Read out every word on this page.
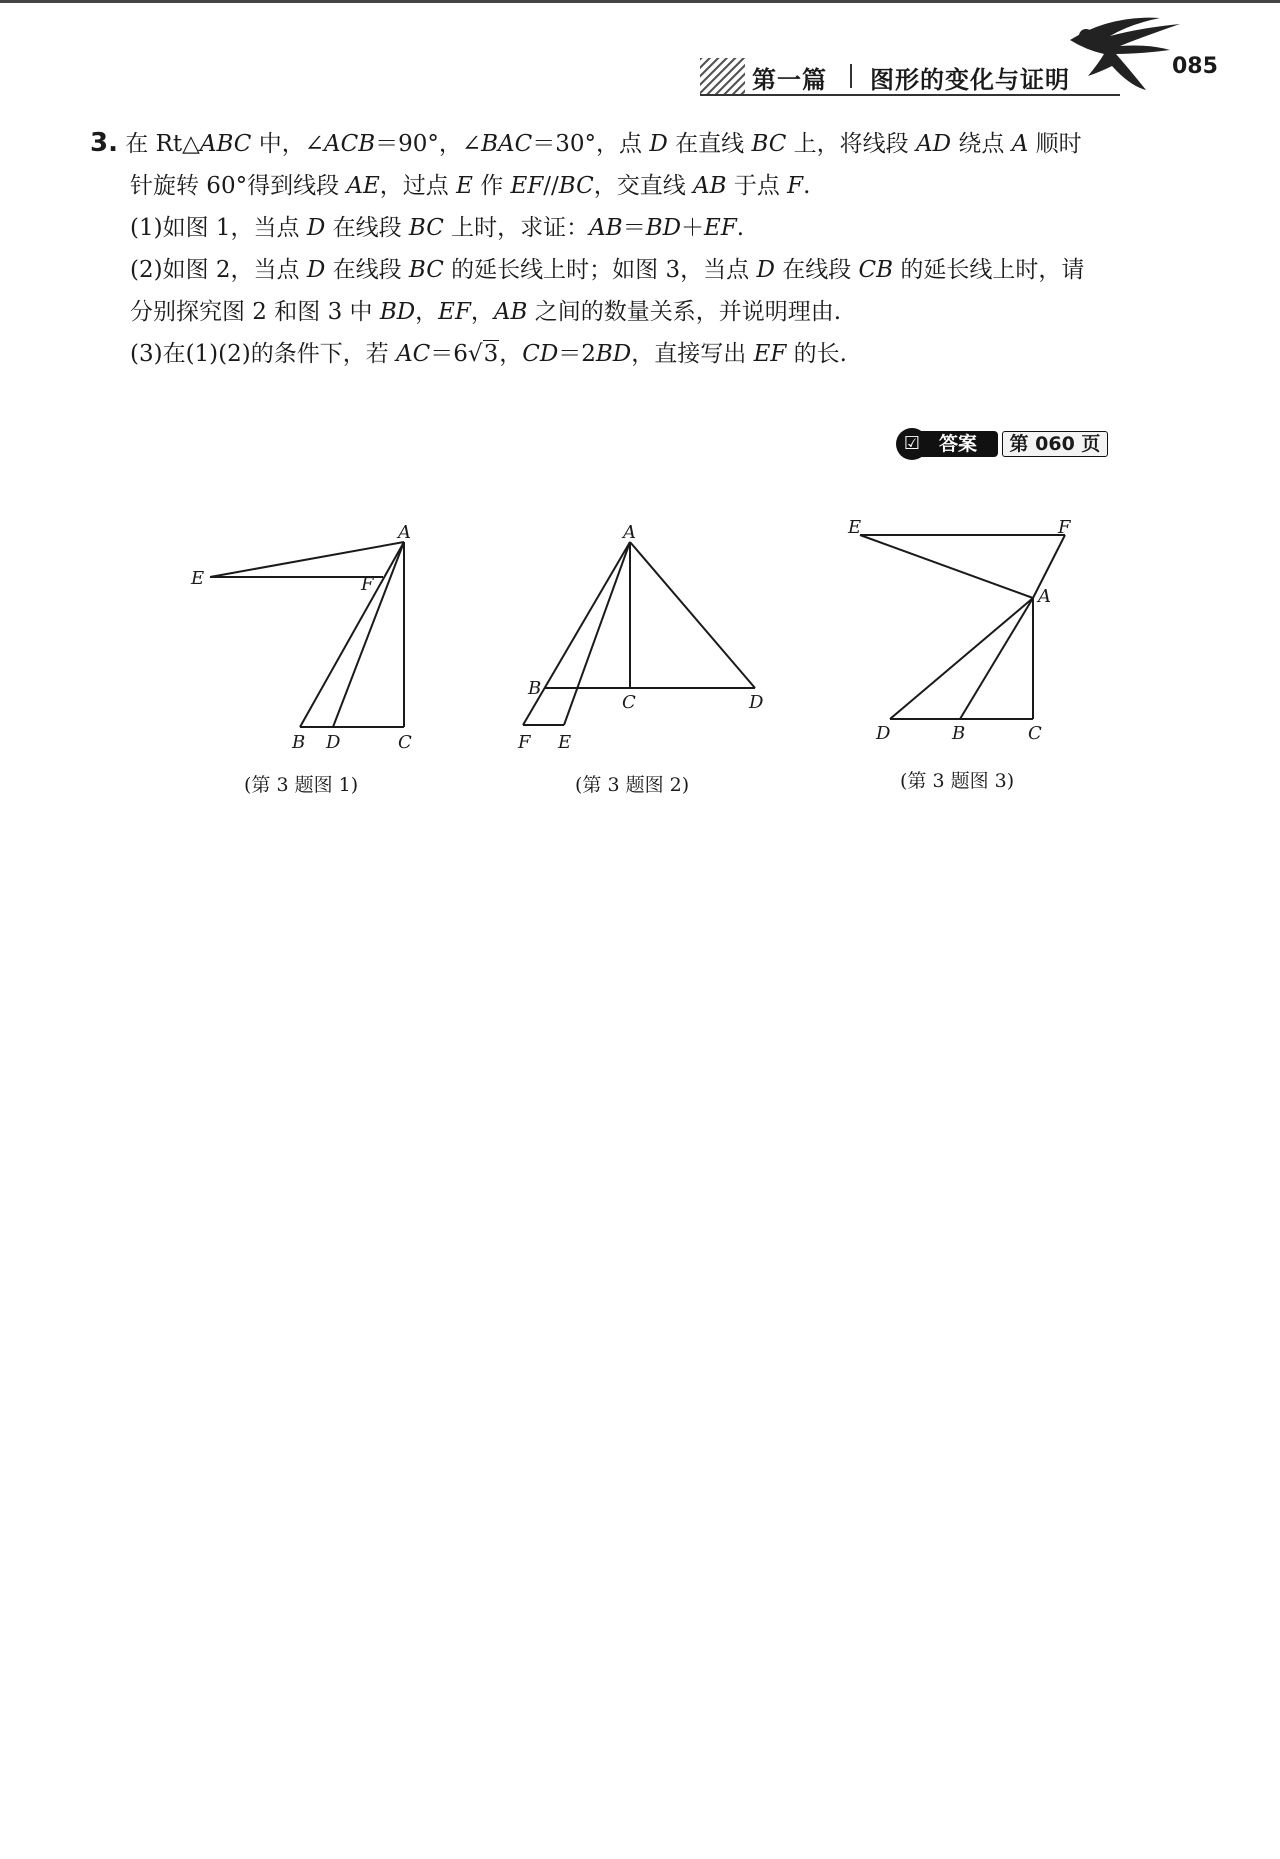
第一篇 图形的变化与证明	085
3. 在 Rt△ABC 中，∠ACB＝90°，∠BAC＝30°，点 D 在直线 BC 上，将线段 AD 绕点 A 顺时
针旋转 60°得到线段 AE，过点 E 作 EF//BC，交直线 AB 于点 F.
(1)如图 1，当点 D 在线段 BC 上时，求证：AB＝BD＋EF.
(2)如图 2，当点 D 在线段 BC 的延长线上时；如图 3，当点 D 在线段 CB 的延长线上时，请
分别探究图 2 和图 3 中 BD，EF，AB 之间的数量关系，并说明理由.
(3)在(1)(2)的条件下，若 AC＝6√3，CD＝2BD，直接写出 EF 的长.
答案
☑	第 060 页
A
E	F
B D	C
(第 3 题图 1)
A
B
C	D
F E
(第 3 题图 2)
E	F
A
D	B	C
(第 3 题图 3)
